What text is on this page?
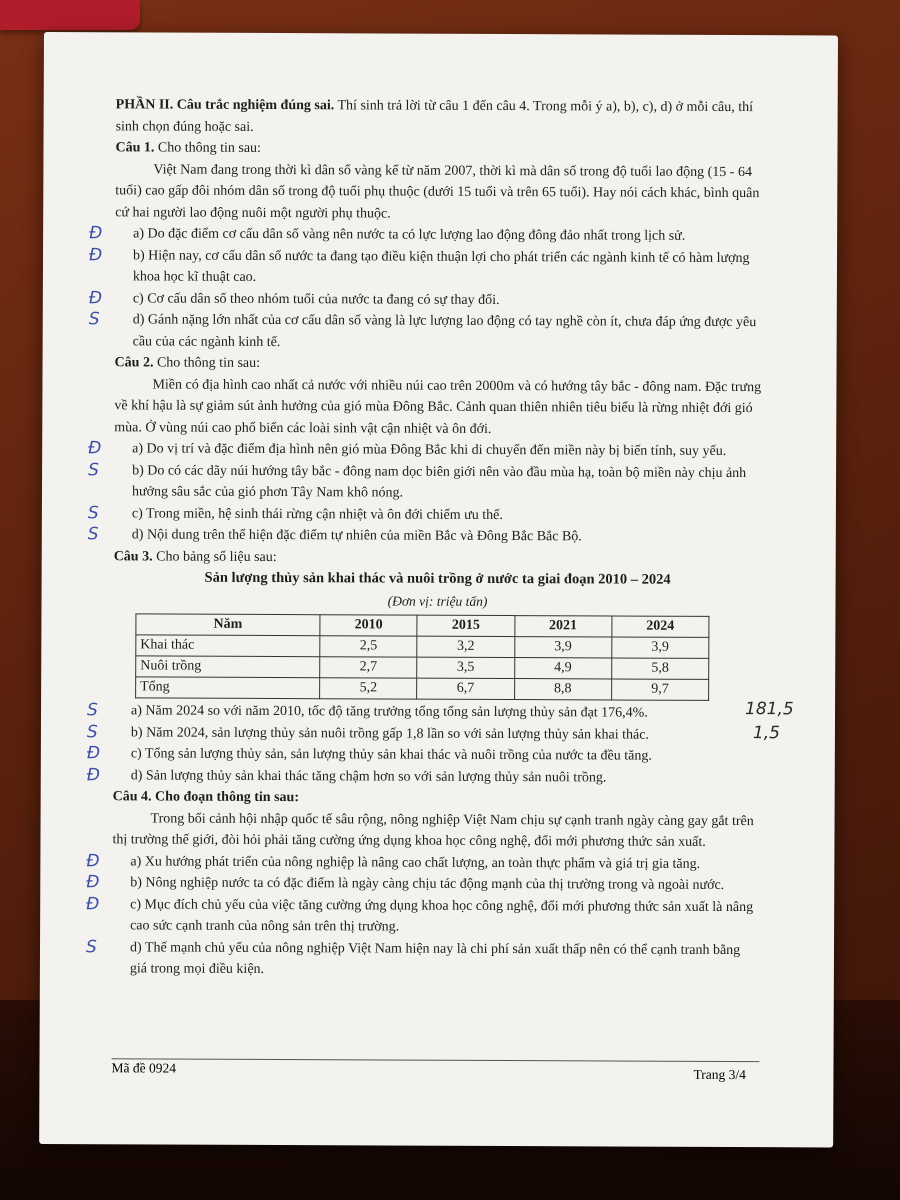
PHẦN II. Câu trắc nghiệm đúng sai. Thí sinh trả lời từ câu 1 đến câu 4. Trong mỗi ý a), b), c), d) ở mỗi câu, thí sinh chọn đúng hoặc sai.

Câu 1. Cho thông tin sau:

Việt Nam đang trong thời kì dân số vàng kể từ năm 2007, thời kì mà dân số trong độ tuổi lao động (15 - 64 tuổi) cao gấp đôi nhóm dân số trong độ tuổi phụ thuộc (dưới 15 tuổi và trên 65 tuổi). Hay nói cách khác, bình quân cứ hai người lao động nuôi một người phụ thuộc.

Đ a) Do đặc điểm cơ cấu dân số vàng nên nước ta có lực lượng lao động đông đảo nhất trong lịch sử.
Đ b) Hiện nay, cơ cấu dân số nước ta đang tạo điều kiện thuận lợi cho phát triển các ngành kinh tế có hàm lượng khoa học kĩ thuật cao.
Đ c) Cơ cấu dân số theo nhóm tuổi của nước ta đang có sự thay đổi.
S d) Gánh nặng lớn nhất của cơ cấu dân số vàng là lực lượng lao động có tay nghề còn ít, chưa đáp ứng được yêu cầu của các ngành kinh tế.

Câu 2. Cho thông tin sau:

Miền có địa hình cao nhất cả nước với nhiều núi cao trên 2000m và có hướng tây bắc - đông nam. Đặc trưng về khí hậu là sự giảm sút ảnh hưởng của gió mùa Đông Bắc. Cảnh quan thiên nhiên tiêu biểu là rừng nhiệt đới gió mùa. Ở vùng núi cao phổ biến các loài sinh vật cận nhiệt và ôn đới.

Đ a) Do vị trí và đặc điểm địa hình nên gió mùa Đông Bắc khi di chuyển đến miền này bị biến tính, suy yếu.
S b) Do có các dãy núi hướng tây bắc - đông nam dọc biên giới nên vào đầu mùa hạ, toàn bộ miền này chịu ảnh hưởng sâu sắc của gió phơn Tây Nam khô nóng.
S c) Trong miền, hệ sinh thái rừng cận nhiệt và ôn đới chiếm ưu thế.
S d) Nội dung trên thể hiện đặc điểm tự nhiên của miền Bắc và Đông Bắc Bắc Bộ.

Câu 3. Cho bảng số liệu sau:

Sản lượng thủy sản khai thác và nuôi trồng ở nước ta giai đoạn 2010 – 2024

(Đơn vị: triệu tấn)

Năm	2010	2015	2021	2024
Khai thác	2,5	3,2	3,9	3,9
Nuôi trồng	2,7	3,5	4,9	5,8
Tổng	5,2	6,7	8,8	9,7
S a) Năm 2024 so với năm 2010, tốc độ tăng trưởng tổng tổng sản lượng thủy sản đạt 176,4%.	181,5
S b) Năm 2024, sản lượng thủy sản nuôi trồng gấp 1,8 lần so với sản lượng thủy sản khai thác.	1,5
Đ c) Tổng sản lượng thủy sản, sản lượng thủy sản khai thác và nuôi trồng của nước ta đều tăng.
Đ d) Sản lượng thủy sản khai thác tăng chậm hơn so với sản lượng thủy sản nuôi trồng.

Câu 4. Cho đoạn thông tin sau:

Trong bối cảnh hội nhập quốc tế sâu rộng, nông nghiệp Việt Nam chịu sự cạnh tranh ngày càng gay gắt trên thị trường thế giới, đòi hỏi phải tăng cường ứng dụng khoa học công nghệ, đổi mới phương thức sản xuất.

Đ a) Xu hướng phát triển của nông nghiệp là nâng cao chất lượng, an toàn thực phẩm và giá trị gia tăng.
Đ b) Nông nghiệp nước ta có đặc điểm là ngày càng chịu tác động mạnh của thị trường trong và ngoài nước.
Đ c) Mục đích chủ yếu của việc tăng cường ứng dụng khoa học công nghệ, đổi mới phương thức sản xuất là nâng cao sức cạnh tranh của nông sản trên thị trường.
S d) Thế mạnh chủ yếu của nông nghiệp Việt Nam hiện nay là chi phí sản xuất thấp nên có thể cạnh tranh bằng giá trong mọi điều kiện.
Mã đề 0924	Trang 3/4
